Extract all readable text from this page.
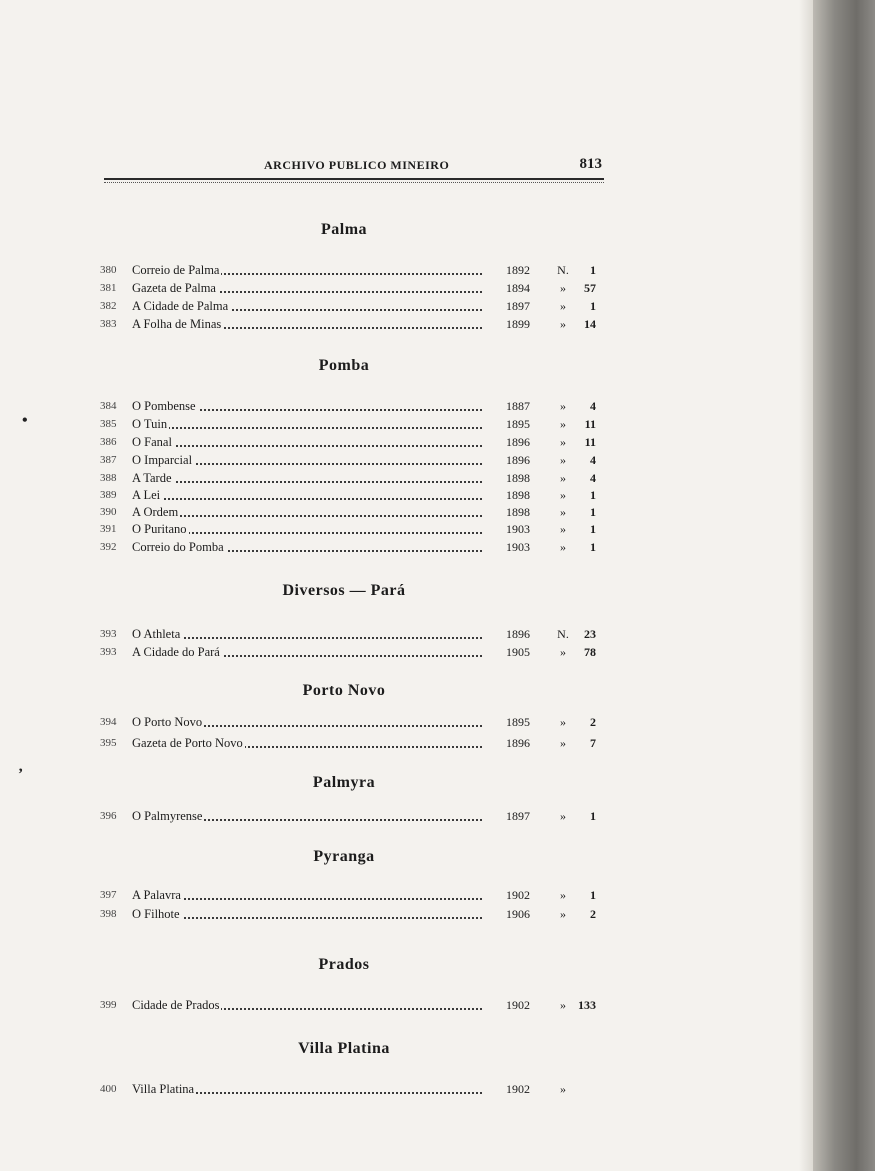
ARCHIVO PUBLICO MINEIRO	813
•
‚
Palma
380	Correio de Palma	1892	N.	1
381	Gazeta de Palma	1894	»	57
382	A Cidade de Palma	1897	»	1
383	A Folha de Minas	1899	»	14
Pomba
384	O Pombense	1887	»	4
385	O Tuin	1895	»	11
386	O Fanal	1896	»	11
387	O Imparcial	1896	»	4
388	A Tarde	1898	»	4
389	A Lei	1898	»	1
390	A Ordem	1898	»	1
391	O Puritano	1903	»	1
392	Correio do Pomba	1903	»	1
Diversos — Pará
393	O Athleta	1896	N.	23
393	A Cidade do Pará	1905	»	78
Porto Novo
394	O Porto Novo	1895	»	2
395	Gazeta de Porto Novo	1896	»	7
Palmyra
396	O Palmyrense	1897	»	1
Pyranga
397	A Palavra	1902	»	1
398	O Filhote	1906	»	2
Prados
399	Cidade de Prados	1902	»	133
Villa Platina
400	Villa Platina	1902	»
